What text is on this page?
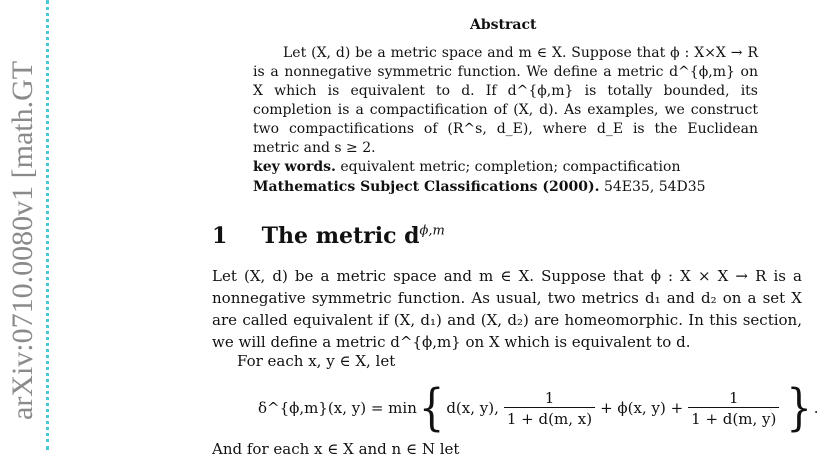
arXiv:0710.0080v1 [math.GT
Abstract

Let (X, d) be a metric space and m ∈ X. Suppose that ϕ : X×X → R is a nonnegative symmetric function. We define a metric d^{ϕ,m} on X which is equivalent to d. If d^{ϕ,m} is totally bounded, its completion is a compactification of (X, d). As examples, we construct two compactifications of (R^s, d_E), where d_E is the Euclidean metric and s ≥ 2.

key words. equivalent metric; completion; compactification
Mathematics Subject Classifications (2000). 54E35, 54D35
1 The metric $d^{\phi,m}$

Let (X, d) be a metric space and m ∈ X. Suppose that ϕ : X × X → R is a nonnegative symmetric function. As usual, two metrics d₁ and d₂ on a set X are called equivalent if (X, d₁) and (X, d₂) are homeomorphic. In this section, we will define a metric d^{ϕ,m} on X which is equivalent to d.

For each x, y ∈ X, let
δ^{ϕ,m}(x, y) = min { d(x, y), $\frac{1}{1 + d(m, x)} + \phi(x$, $y) + \frac{1}{1 + d(m, y)}$ } .
And for each x ∈ X and n ∈ N let
